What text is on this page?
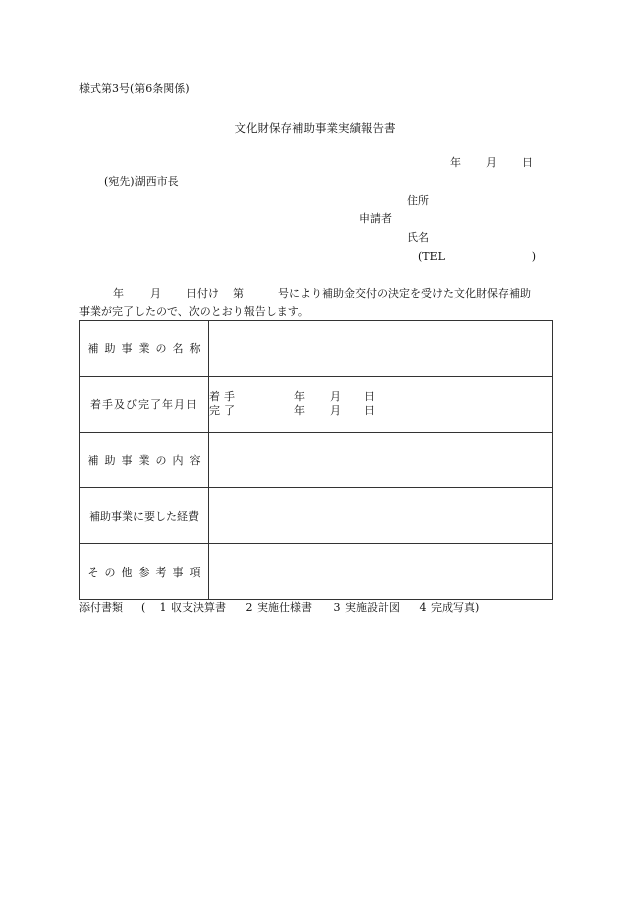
様式第3号(第6条関係)
文化財保存補助事業実績報告書
年 月 日
(宛先)湖西市長
住所
申請者
氏名
(TEL	)
年 月 日付け 第	号により補助金交付の決定を受けた文化財保存補助
事業が完了したので、次のとおり報告します。
補助事業の名称	
着手及び完了年月日	着手 年 月 日
完了 年 月 日

補助事業の内容	
補助事業に要した経費	
その他参考事項	
添付書類 ( 1 収支決算書 2 実施仕様書 3 実施設計図 4 完成写真)
